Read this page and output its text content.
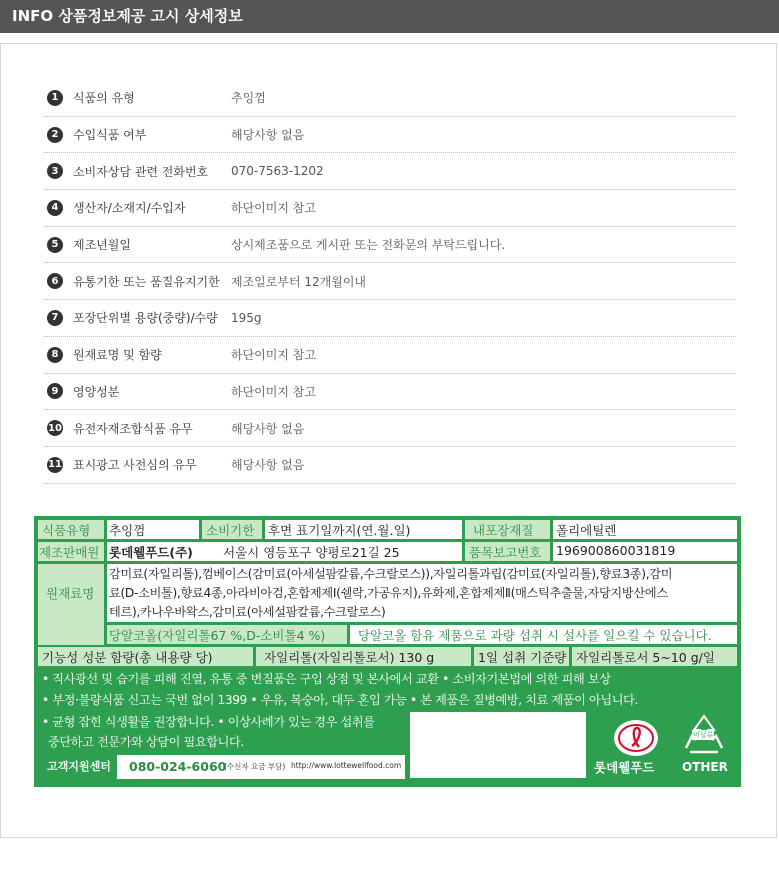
INFO 상품정보제공 고시 상세정보
1	식품의 유형	추잉껌
2	수입식품 여부	해당사항 없음
3	소비자상담 관련 전화번호	070-7563-1202
4	생산자/소재지/수입자	하단이미지 참고
5	제조년월일	상시제조품으로 게시판 또는 전화문의 부탁드립니다.
6	유통기한 또는 품질유지기한 제조일로부터 12개월이내
7	포장단위별 용량(중량)/수량	195g
8	원재료명 및 함량	하단이미지 참고
9	영양성분	하단이미지 참고
10 유전자재조합식품 유무	해당사항 없음
11 표시광고 사전심의 유무	해당사항 없음
식품유형 추잉껌	소비기한 후면 표기일까지(연.월.일)	내포장재질 폴리에틸렌
제조판매원 롯데웰푸드(주) 서울시 영등포구 양평로21길 25	품목보고번호 196900860031819
원재료명
감미료(자일리톨),껌베이스(감미료(아세설팜칼륨,수크랄로스)),자일리톨과립(감미료(자일리톨),향료3종),감미
료(D-소비톨),향료4종,아라비아검,혼합제제Ⅰ(쉘락,가공유지),유화제,혼합제제Ⅱ(매스틱추출물,자당지방산에스
테르),카나우바왁스,감미료(아세설팜칼륨,수크랄로스)
당알코올(자일리톨67 %,D-소비톨4 %)	당알코올 함유 제품으로 과량 섭취 시 설사를 일으킬 수 있습니다.
기능성 성분 함량(총 내용량 당)	자일리톨(자일리톨로서) 130 g	1일 섭취 기준량 자일리톨로서 5~10 g/일
• 직사광선 및 습기를 피해 진열, 유통 중 변질품은 구입 상점 및 본사에서 교환 • 소비자기본법에 의한 피해 보상
• 부정·불량식품 신고는 국번 없이 1399 • 우유, 복숭아, 대두 혼입 가능 • 본 제품은 질병예방, 치료 제품이 아닙니다.
• 균형 잡힌 식생활을 권장합니다. • 이상사례가 있는 경우 섭취를
중단하고 전문가와 상담이 필요합니다.
고객지원센터	080-024-6060
(수신자 요금 부담) http://www.lottewellfood.com	롯데웰푸드
비닐류
OTHER
